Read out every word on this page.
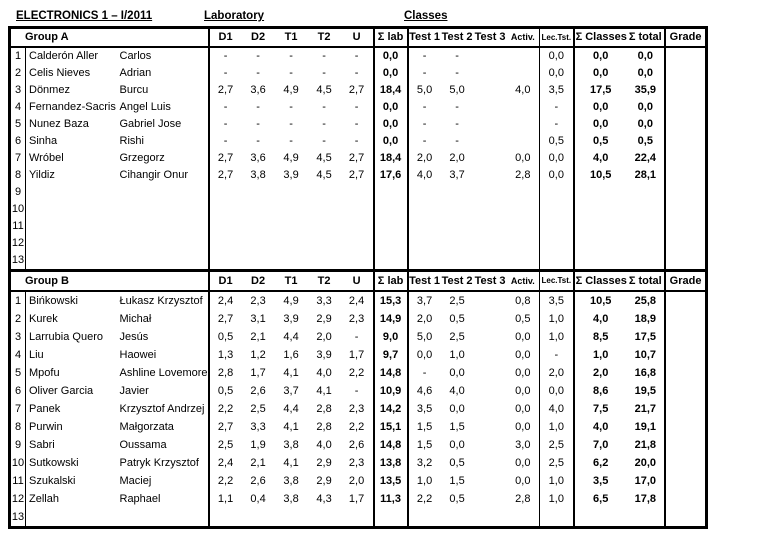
ELECTRONICS 1 – I/2011	Laboratory	Classes
Group A			D1	D2	T1	T2	U	Σ lab	Test 1	Test 2	Test 3	Activ.	Lec.Tst.	Σ Classes	Σ total	Grade
1	Calderón Aller	Carlos	-	-	-	-	-	0,0	-	-			0,0	0,0	0,0	
2	Celis Nieves	Adrian	-	-	-	-	-	0,0	-	-			0,0	0,0	0,0	
3	Dönmez	Burcu	2,7	3,6	4,9	4,5	2,7	18,4	5,0	5,0		4,0	3,5	17,5	35,9	
4	Fernandez-Sacris	Angel Luis	-	-	-	-	-	0,0	-	-			-	0,0	0,0	
5	Nunez Baza	Gabriel Jose	-	-	-	-	-	0,0	-	-			-	0,0	0,0	
6	Sinha	Rishi	-	-	-	-	-	0,0	-	-			0,5	0,5	0,5	
7	Wróbel	Grzegorz	2,7	3,6	4,9	4,5	2,7	18,4	2,0	2,0		0,0	0,0	4,0	22,4	
8	Yildiz	Cihangir Onur	2,7	3,8	3,9	4,5	2,7	17,6	4,0	3,7		2,8	0,0	10,5	28,1	
9																
10																
11																
12																
13																
Group B			D1	D2	T1	T2	U	Σ lab	Test 1	Test 2	Test 3	Activ.	Lec.Tst.	Σ Classes	Σ total	Grade
1	Bińkowski	Łukasz Krzysztof	2,4	2,3	4,9	3,3	2,4	15,3	3,7	2,5		0,8	3,5	10,5	25,8	
2	Kurek	Michał	2,7	3,1	3,9	2,9	2,3	14,9	2,0	0,5		0,5	1,0	4,0	18,9	
3	Larrubia Quero	Jesús	0,5	2,1	4,4	2,0	-	9,0	5,0	2,5		0,0	1,0	8,5	17,5	
4	Liu	Haowei	1,3	1,2	1,6	3,9	1,7	9,7	0,0	1,0		0,0	-	1,0	10,7	
5	Mpofu	Ashline Lovemore	2,8	1,7	4,1	4,0	2,2	14,8	-	0,0		0,0	2,0	2,0	16,8	
6	Oliver Garcia	Javier	0,5	2,6	3,7	4,1	-	10,9	4,6	4,0		0,0	0,0	8,6	19,5	
7	Panek	Krzysztof Andrzej	2,2	2,5	4,4	2,8	2,3	14,2	3,5	0,0		0,0	4,0	7,5	21,7	
8	Purwin	Małgorzata	2,7	3,3	4,1	2,8	2,2	15,1	1,5	1,5		0,0	1,0	4,0	19,1	
9	Sabri	Oussama	2,5	1,9	3,8	4,0	2,6	14,8	1,5	0,0		3,0	2,5	7,0	21,8	
10	Sutkowski	Patryk Krzysztof	2,4	2,1	4,1	2,9	2,3	13,8	3,2	0,5		0,0	2,5	6,2	20,0	
11	Szukalski	Maciej	2,2	2,6	3,8	2,9	2,0	13,5	1,0	1,5		0,0	1,0	3,5	17,0	
12	Zellah	Raphael	1,1	0,4	3,8	4,3	1,7	11,3	2,2	0,5		2,8	1,0	6,5	17,8	
13																
